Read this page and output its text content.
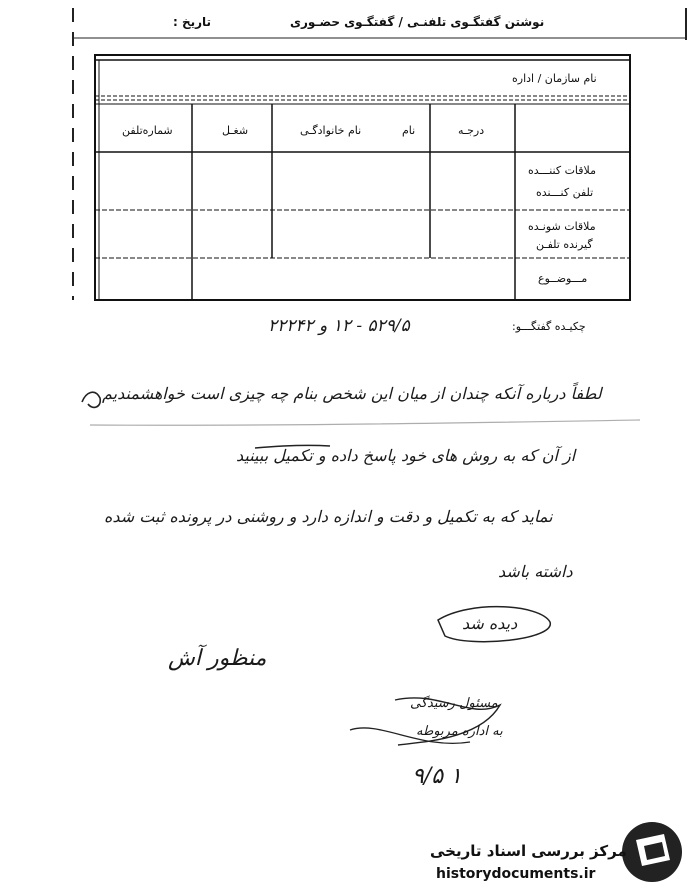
نوشتن گفتگـوی تلفنـی / گفتگـوی حضـوری
تاریخ :
نام سازمان / اداره
درجـه
نام
نام خانوادگـی
شغـل
شماره‌تلفن
ملاقات کننـــده
تلفن کنـــنده
ملاقات شونـده
گیرنده تلفـن
مـــوضــوع
چکیـده گفتگـــو:
۵۲۹/۵ - ۱۲ و ۲۲۲۴۲
لطفاً درباره آنکه چندان از میان این شخص بنام چه چیزی است خواهشمندیم
از آن که به روش های خود پاسخ داده و تکمیل ببینید
نماید که به تکمیل و دقت و اندازه دارد و روشنی در پرونده ثبت شده
داشته باشد
دیده شد
منظور آش
مسئول رسیدگی
به اداره مربوطه
۱ ۹/۵
مرکز بررسی اسناد تاریخی
historydocuments.ir
